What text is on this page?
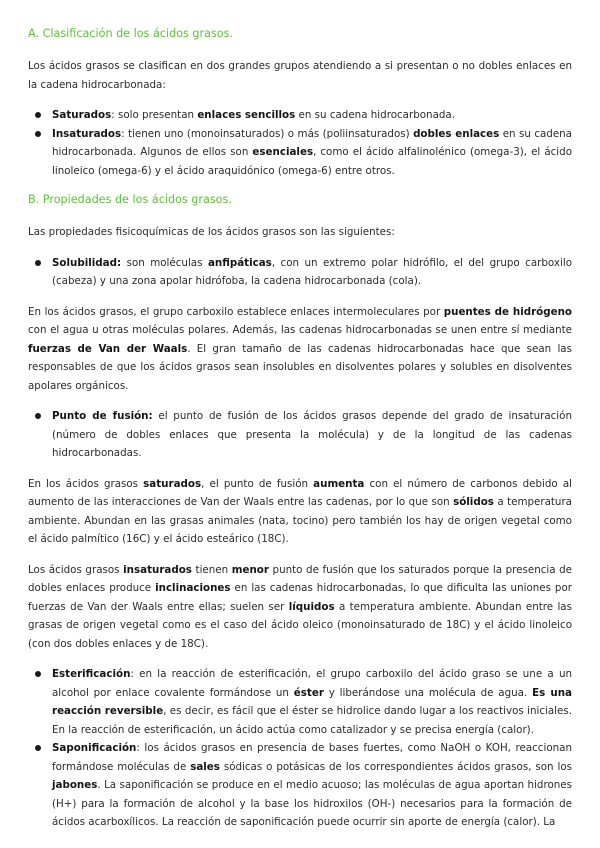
A. Clasificación de los ácidos grasos.

Los ácidos grasos se clasifican en dos grandes grupos atendiendo a si presentan o no dobles enlaces en la cadena hidrocarbonada:

Saturados: solo presentan enlaces sencillos en su cadena hidrocarbonada.
Insaturados: tienen uno (monoinsaturados) o más (poliinsaturados) dobles enlaces en su cadena hidrocarbonada. Algunos de ellos son esenciales, como el ácido alfalinolénico (omega-3), el ácido linoleico (omega-6) y el ácido araquidónico (omega-6) entre otros.
B. Propiedades de los ácidos grasos.

Las propiedades fisicoquímicas de los ácidos grasos son las siguientes:

Solubilidad: son moléculas anfipáticas, con un extremo polar hidrófilo, el del grupo carboxilo (cabeza) y una zona apolar hidrófoba, la cadena hidrocarbonada (cola).

En los ácidos grasos, el grupo carboxilo establece enlaces intermoleculares por puentes de hidrógeno con el agua u otras moléculas polares. Además, las cadenas hidrocarbonadas se unen entre sí mediante fuerzas de Van der Waals. El gran tamaño de las cadenas hidrocarbonadas hace que sean las responsables de que los ácidos grasos sean insolubles en disolventes polares y solubles en disolventes apolares orgánicos.

Punto de fusión: el punto de fusión de los ácidos grasos depende del grado de insaturación (número de dobles enlaces que presenta la molécula) y de la longitud de las cadenas hidrocarbonadas.

En los ácidos grasos saturados, el punto de fusión aumenta con el número de carbonos debido al aumento de las interacciones de Van der Waals entre las cadenas, por lo que son sólidos a temperatura ambiente. Abundan en las grasas animales (nata, tocino) pero también los hay de origen vegetal como el ácido palmítico (16C) y el ácido esteárico (18C).

Los ácidos grasos insaturados tienen menor punto de fusión que los saturados porque la presencia de dobles enlaces produce inclinaciones en las cadenas hidrocarbonadas, lo que dificulta las uniones por fuerzas de Van der Waals entre ellas; suelen ser líquidos a temperatura ambiente. Abundan entre las grasas de origen vegetal como es el caso del ácido oleico (monoinsaturado de 18C) y el ácido linoleico (con dos dobles enlaces y de 18C).

Esterificación: en la reacción de esterificación, el grupo carboxilo del ácido graso se une a un alcohol por enlace covalente formándose un éster y liberándose una molécula de agua. Es una reacción reversible, es decir, es fácil que el éster se hidrolice dando lugar a los reactivos iniciales. En la reacción de esterificación, un ácido actúa como catalizador y se precisa energía (calor).
Saponificación: los ácidos grasos en presencia de bases fuertes, como NaOH o KOH, reaccionan formándose moléculas de sales sódicas o potásicas de los correspondientes ácidos grasos, son los jabones. La saponificación se produce en el medio acuoso; las moléculas de agua aportan hidrones (H+) para la formación de alcohol y la base los hidroxilos (OH-) necesarios para la formación de ácidos acarboxílicos. La reacción de saponificación puede ocurrir sin aporte de energía (calor). La
